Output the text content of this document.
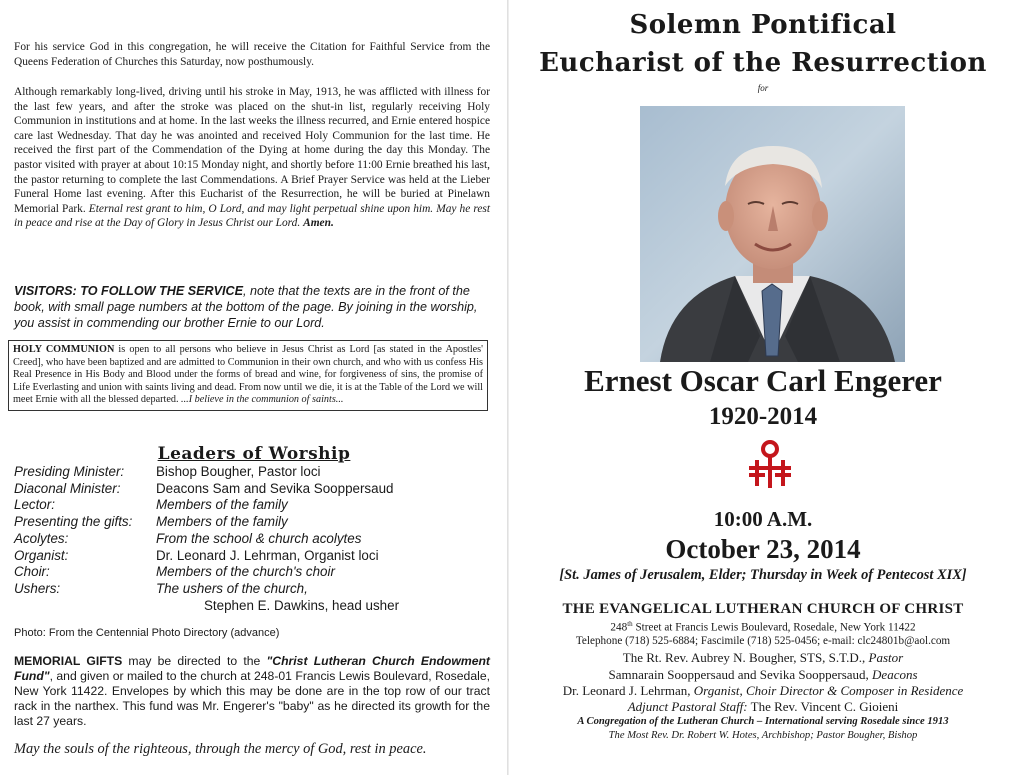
For his service God in this congregation, he will receive the Citation for Faithful Service from the Queens Federation of Churches this Saturday, now posthumously.

Although remarkably long-lived, driving until his stroke in May, 1913, he was afflicted with illness for the last few years, and after the stroke was placed on the shut-in list, regularly receiving Holy Communion in institutions and at home. In the last weeks the illness recurred, and Ernie entered hospice care last Wednesday. That day he was anointed and received Holy Communion for the last time. He received the first part of the Commendation of the Dying at home during the day this Monday. The pastor visited with prayer at about 10:15 Monday night, and shortly before 11:00 Ernie breathed his last, the pastor returning to complete the last Commendations. A Brief Prayer Service was held at the Lieber Funeral Home last evening. After this Eucharist of the Resurrection, he will be buried at Pinelawn Memorial Park. Eternal rest grant to him, O Lord, and may light perpetual shine upon him. May he rest in peace and rise at the Day of Glory in Jesus Christ our Lord. Amen.

VISITORS: TO FOLLOW THE SERVICE, note that the texts are in the front of the book, with small page numbers at the bottom of the page. By joining in the worship, you assist in commending our brother Ernie to our Lord.

HOLY COMMUNION is open to all persons who believe in Jesus Christ as Lord [as stated in the Apostles' Creed], who have been baptized and are admitted to Communion in their own church, and who with us confess His Real Presence in His Body and Blood under the forms of bread and wine, for forgiveness of sins, the promise of Life Everlasting and union with saints living and dead. From now until we die, it is at the Table of the Lord we will meet Ernie with all the blessed departed. ...I believe in the communion of saints...
Leaders of Worship
Presiding Minister:	Bishop Bougher, Pastor loci
Diaconal Minister:	Deacons Sam and Sevika Sooppersaud
Lector:	Members of the family
Presenting the gifts:	Members of the family
Acolytes:	From the school & church acolytes
Organist:	Dr. Leonard J. Lehrman, Organist loci
Choir:	Members of the church's choir
Ushers:	The ushers of the church,
Stephen E. Dawkins, head usher
Photo: From the Centennial Photo Directory (advance)

MEMORIAL GIFTS may be directed to the "Christ Lutheran Church Endowment Fund", and given or mailed to the church at 248-01 Francis Lewis Boulevard, Rosedale, New York 11422. Envelopes by which this may be done are in the top row of our tract rack in the narthex. This fund was Mr. Engerer's "baby" as he directed its growth for the last 27 years.

May the souls of the righteous, through the mercy of God, rest in peace.
Solemn Pontifical
Eucharist of the Resurrection
for
Ernest Oscar Carl Engerer
1920-2014
10:00 A.M.
October 23, 2014
[St. James of Jerusalem, Elder; Thursday in Week of Pentecost XIX]
THE EVANGELICAL LUTHERAN CHURCH OF CHRIST
248th Street at Francis Lewis Boulevard, Rosedale, New York 11422
Telephone (718) 525-6884; Fascimile (718) 525-0456; e-mail: clc24801b@aol.com
The Rt. Rev. Aubrey N. Bougher, STS, S.T.D., Pastor
Samnarain Sooppersaud and Sevika Sooppersaud, Deacons
Dr. Leonard J. Lehrman, Organist, Choir Director & Composer in Residence
Adjunct Pastoral Staff: The Rev. Vincent C. Gioieni
A Congregation of the Lutheran Church – International serving Rosedale since 1913
The Most Rev. Dr. Robert W. Hotes, Archbishop; Pastor Bougher, Bishop
